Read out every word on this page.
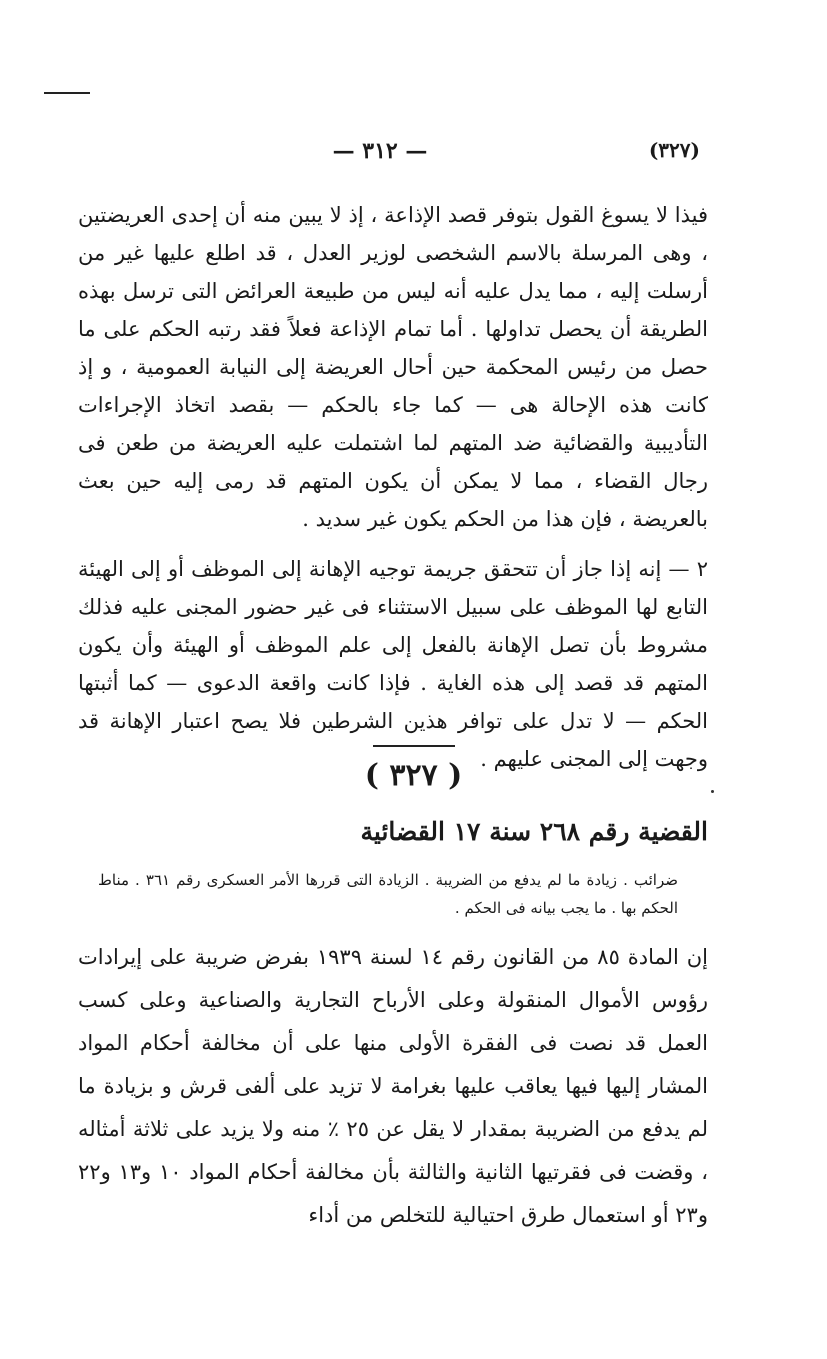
— ٣١٢ —	(٣٢٧)

فيذا لا يسوغ القول بتوفر قصد الإذاعة ، إذ لا يبين منه أن إحدى العريضتين ، وهى المرسلة بالاسم الشخصى لوزير العدل ، قد اطلع عليها غير من أرسلت إليه ، مما يدل عليه أنه ليس من طبيعة العرائض التى ترسل بهذه الطريقة أن يحصل تداولها . أما تمام الإذاعة فعلاً فقد رتبه الحكم على ما حصل من رئيس المحكمة حين أحال العريضة إلى النيابة العمومية ، و إذ كانت هذه الإحالة هى — كما جاء بالحكم — بقصد اتخاذ الإجراءات التأديبية والقضائية ضد المتهم لما اشتملت عليه العريضة من طعن فى رجال القضاء ، مما لا يمكن أن يكون المتهم قد رمى إليه حين بعث بالعريضة ، فإن هذا من الحكم يكون غير سديد .

٢ — إنه إذا جاز أن تتحقق جريمة توجيه الإهانة إلى الموظف أو إلى الهيئة التابع لها الموظف على سبيل الاستثناء فى غير حضور المجنى عليه فذلك مشروط بأن تصل الإهانة بالفعل إلى علم الموظف أو الهيئة وأن يكون المتهم قد قصد إلى هذه الغاية . فإذا كانت واقعة الدعوى — كما أثبتها الحكم — لا تدل على توافر هذين الشرطين فلا يصح اعتبار الإهانة قد وجهت إلى المجنى عليهم .

( ٣٢٧ )
القضية رقم ٢٦٨ سنة ١٧ القضائية
ضرائب . زيادة ما لم يدفع من الضريبة . الزيادة التى قررها الأمر العسكرى رقم ٣٦١ . مناط الحكم بها . ما يجب بيانه فى الحكم .

إن المادة ٨٥ من القانون رقم ١٤ لسنة ١٩٣٩ بفرض ضريبة على إيرادات رؤوس الأموال المنقولة وعلى الأرباح التجارية والصناعية وعلى كسب العمل قد نصت فى الفقرة الأولى منها على أن مخالفة أحكام المواد المشار إليها فيها يعاقب عليها بغرامة لا تزيد على ألفى قرش و بزيادة ما لم يدفع من الضريبة بمقدار لا يقل عن ٢٥ ٪ منه ولا يزيد على ثلاثة أمثاله ، وقضت فى فقرتيها الثانية والثالثة بأن مخالفة أحكام المواد ١٠ و١٣ و٢٢ و٢٣ أو استعمال طرق احتيالية للتخلص من أداء
